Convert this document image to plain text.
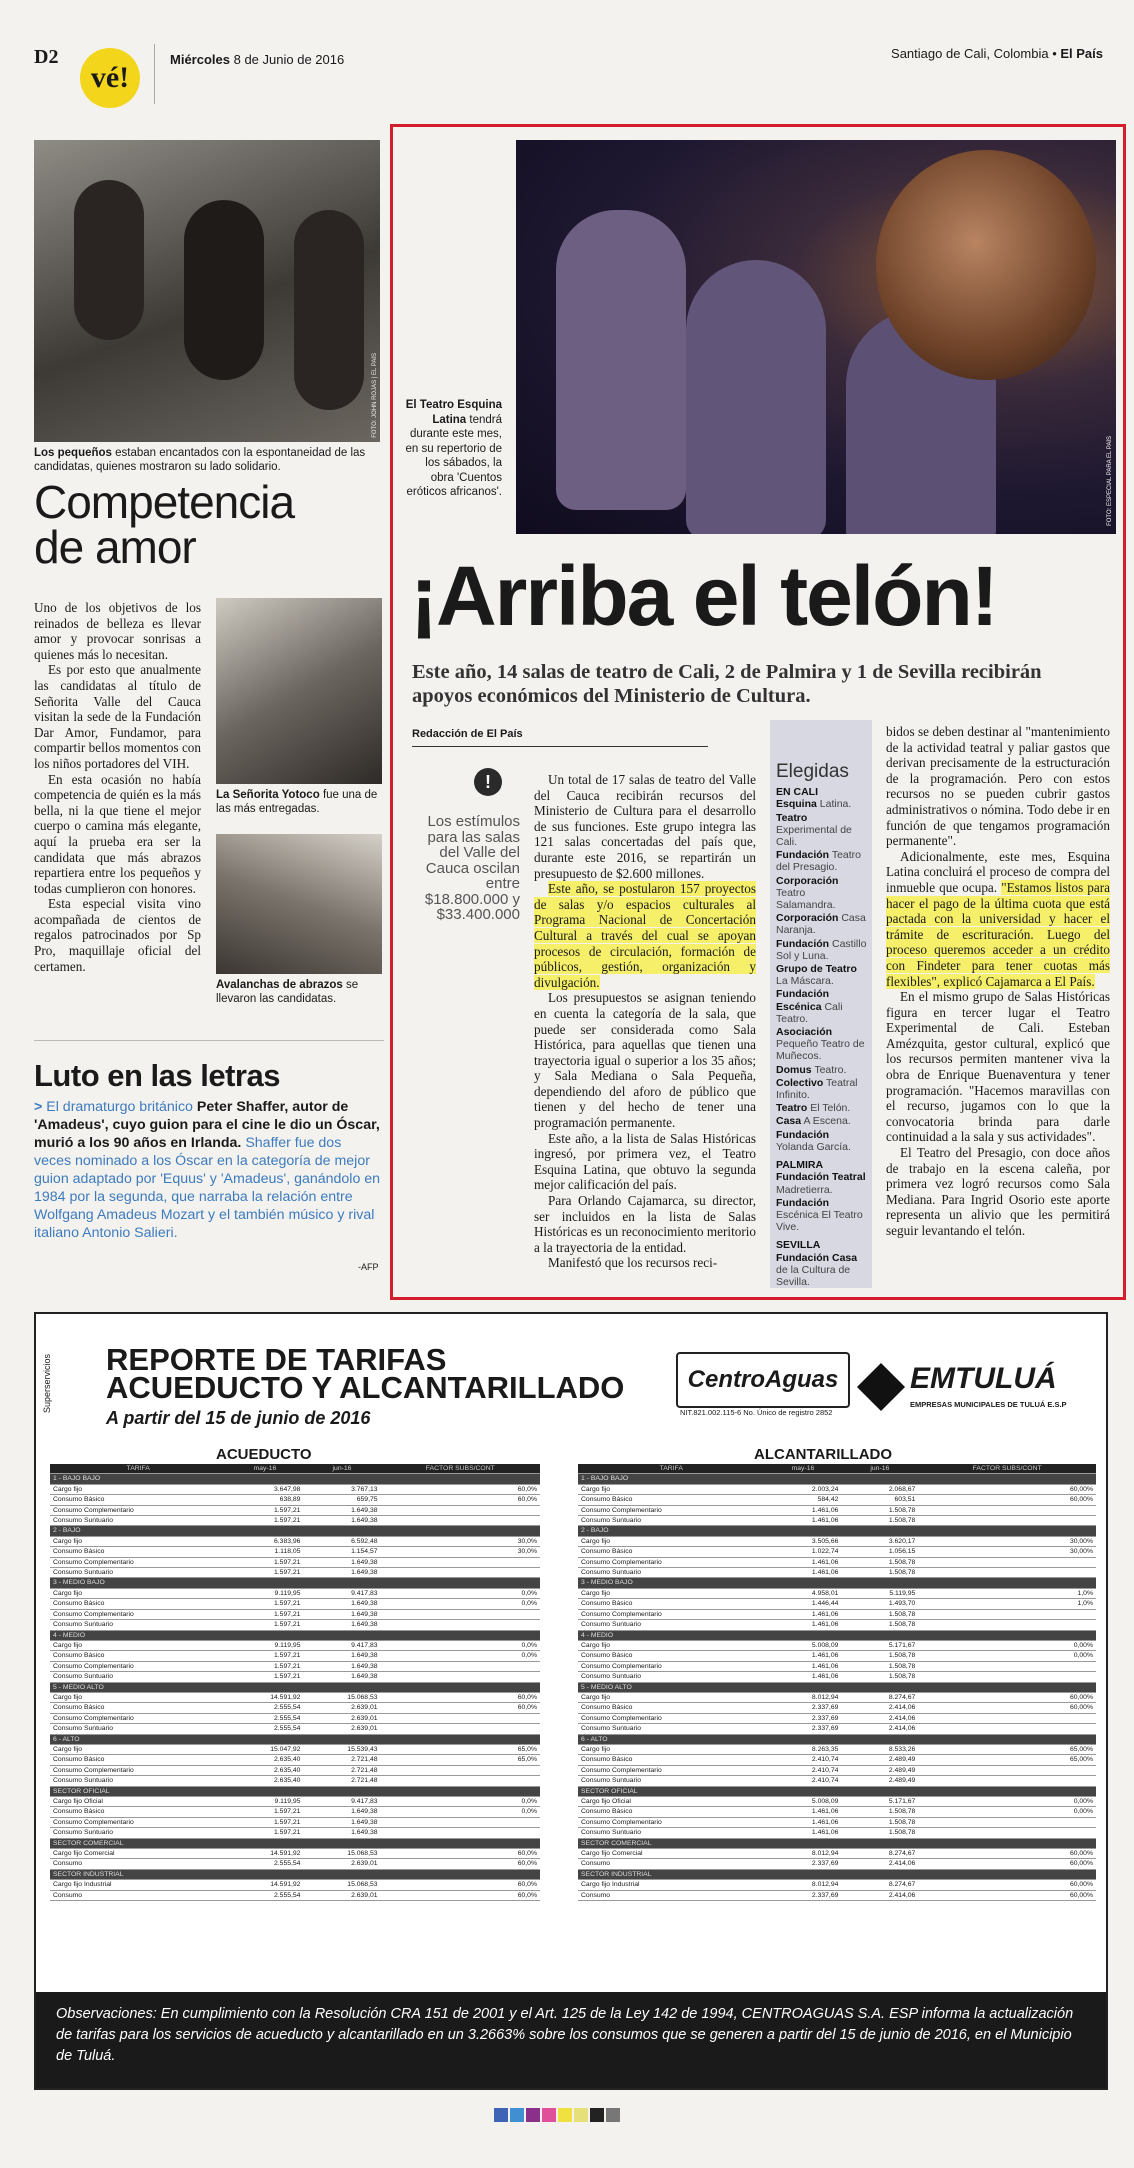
D2
vé!
Miércoles 8 de Junio de 2016	Santiago de Cali, Colombia • El País
FOTO: JOHN ROJAS | EL PAÍS
Los pequeños estaban encantados con la espontaneidad de las candidatas, quienes mostraron su lado solidario.
Competencia
de amor

Uno de los objetivos de los reinados de belleza es llevar amor y provocar sonrisas a quienes más lo necesitan.

Es por esto que anualmente las candidatas al título de Señorita Valle del Cauca visitan la sede de la Fundación Dar Amor, Fundamor, para compartir bellos momentos con los niños portadores del VIH.

En esta ocasión no había competencia de quién es la más bella, ni la que tiene el mejor cuerpo o camina más elegante, aquí la prueba era ser la candidata que más abrazos repartiera entre los pequeños y todas cumplieron con honores.

Esta especial visita vino acompañada de cientos de regalos patrocinados por Sp Pro, maquillaje oficial del certamen.

La Señorita Yotoco fue una de las más entregadas.
Avalanchas de abrazos se llevaron las candidatas.
Luto en las letras
> El dramaturgo británico Peter Shaffer, autor de 'Amadeus', cuyo guion para el cine le dio un Óscar, murió a los 90 años en Irlanda. Shaffer fue dos veces nominado a los Óscar en la categoría de mejor guion adaptado por 'Equus' y 'Amadeus', ganándolo en 1984 por la segunda, que narraba la relación entre Wolfgang Amadeus Mozart y el también músico y rival italiano Antonio Salieri.
-AFP
El Teatro Esquina Latina tendrá durante este mes, en su repertorio de los sábados, la obra 'Cuentos eróticos africanos'.	FOTO: ESPECIAL PARA EL PAÍS
¡Arriba el telón!
Este año, 14 salas de teatro de Cali, 2 de Palmira y 1 de Sevilla recibirán apoyos económicos del Ministerio de Cultura.
Redacción de El País
!
Los estímulos para las salas del Valle del Cauca oscilan entre $18.800.000 y $33.400.000

Un total de 17 salas de teatro del Valle del Cauca recibirán recursos del Ministerio de Cultura para el desarrollo de sus funciones. Este grupo integra las 121 salas concertadas del país que, durante este 2016, se repartirán un presupuesto de $2.600 millones.

Este año, se postularon 157 proyectos de salas y/o espacios culturales al Programa Nacional de Concertación Cultural a través del cual se apoyan procesos de circulación, formación de públicos, gestión, organización y divulgación.

Los presupuestos se asignan teniendo en cuenta la categoría de la sala, que puede ser considerada como Sala Histórica, para aquellas que tienen una trayectoria igual o superior a los 35 años; y Sala Mediana o Sala Pequeña, dependiendo del aforo de público que tienen y del hecho de tener una programación permanente.

Este año, a la lista de Salas Históricas ingresó, por primera vez, el Teatro Esquina Latina, que obtuvo la segunda mejor calificación del país.

Para Orlando Cajamarca, su director, ser incluidos en la lista de Salas Históricas es un reconocimiento meritorio a la trayectoria de la entidad.

Manifestó que los recursos reci-

Elegidas
EN CALI

Esquina Latina.

Teatro Experimental de Cali.

Fundación Teatro del Presagio.

Corporación Teatro Salamandra.

Corporación Casa Naranja.

Fundación Castillo Sol y Luna.

Grupo de Teatro La Máscara.

Fundación Escénica Cali Teatro.

Asociación Pequeño Teatro de Muñecos.

Domus Teatro.

Colectivo Teatral Infinito.

Teatro El Telón.

Casa A Escena.

Fundación Yolanda García.

PALMIRA

Fundación Teatral Madretierra.

Fundación Escénica El Teatro Vive.

SEVILLA

Fundación Casa de la Cultura de Sevilla.

bidos se deben destinar al "mantenimiento de la actividad teatral y paliar gastos que derivan precisamente de la estructuración de la programación. Pero con estos recursos no se pueden cubrir gastos administrativos o nómina. Todo debe ir en función de que tengamos programación permanente".

Adicionalmente, este mes, Esquina Latina concluirá el proceso de compra del inmueble que ocupa. "Estamos listos para hacer el pago de la última cuota que está pactada con la universidad y hacer el trámite de escrituración. Luego del proceso queremos acceder a un crédito con Findeter para tener cuotas más flexibles", explicó Cajamarca a El País.

En el mismo grupo de Salas Históricas figura en tercer lugar el Teatro Experimental de Cali. Esteban Amézquita, gestor cultural, explicó que los recursos permiten mantener viva la obra de Enrique Buenaventura y tener programación. "Hacemos maravillas con el recurso, jugamos con lo que la convocatoria brinda para darle continuidad a la sala y sus actividades".

El Teatro del Presagio, con doce años de trabajo en la escena caleña, por primera vez logró recursos como Sala Mediana. Para Ingrid Osorio este aporte representa un alivio que les permitirá seguir levantando el telón.

Superservicios REPORTE DE TARIFAS
ACUEDUCTO Y ALCANTARILLADO
A partir del 15 de junio de 2016
CentroAguas
NIT.821.002.115-6 No. Único de registro 2852
EMTULUÁ
EMPRESAS MUNICIPALES DE TULUÁ E.S.P
ACUEDUCTO	ALCANTARILLADO
TARIFA	may-16	jun-16	FACTOR SUBS/CONT
1 - BAJO BAJO			
Cargo fijo	3.647,98	3.767,13	60,0%
Consumo Básico	638,89	659,75	60,0%
Consumo Complementario	1.597,21	1.649,38	
Consumo Suntuario	1.597,21	1.649,38	
2 - BAJO			
Cargo fijo	6.383,96	6.592,48	30,0%
Consumo Básico	1.118,05	1.154,57	30,0%
Consumo Complementario	1.597,21	1.649,38	
Consumo Suntuario	1.597,21	1.649,38	
3 - MEDIO BAJO			
Cargo fijo	9.119,95	9.417,83	0,0%
Consumo Básico	1.597,21	1.649,38	0,0%
Consumo Complementario	1.597,21	1.649,38	
Consumo Suntuario	1.597,21	1.649,38	
4 - MEDIO			
Cargo fijo	9.119,95	9.417,83	0,0%
Consumo Básico	1.597,21	1.649,38	0,0%
Consumo Complementario	1.597,21	1.649,38	
Consumo Suntuario	1.597,21	1.649,38	
5 - MEDIO ALTO			
Cargo fijo	14.591,92	15.068,53	60,0%
Consumo Básico	2.555,54	2.639,01	60,0%
Consumo Complementario	2.555,54	2.639,01	
Consumo Suntuario	2.555,54	2.639,01	
6 - ALTO			
Cargo fijo	15.047,92	15.539,43	65,0%
Consumo Básico	2.635,40	2.721,48	65,0%
Consumo Complementario	2.635,40	2.721,48	
Consumo Suntuario	2.635,40	2.721,48	
SECTOR OFICIAL			
Cargo fijo Oficial	9.119,95	9.417,83	0,0%
Consumo Básico	1.597,21	1.649,38	0,0%
Consumo Complementario	1.597,21	1.649,38	
Consumo Suntuario	1.597,21	1.649,38	
SECTOR COMERCIAL			
Cargo fijo Comercial	14.591,92	15.068,53	60,0%
Consumo	2.555,54	2.639,01	60,0%
SECTOR INDUSTRIAL			
Cargo fijo Industrial	14.591,92	15.068,53	60,0%
Consumo	2.555,54	2.639,01	60,0%
TARIFA	may-16	jun-16	FACTOR SUBS/CONT
1 - BAJO BAJO			
Cargo fijo	2.003,24	2.068,67	60,00%
Consumo Básico	584,42	603,51	60,00%
Consumo Complementario	1.461,06	1.508,78	
Consumo Suntuario	1.461,06	1.508,78	
2 - BAJO			
Cargo fijo	3.505,66	3.620,17	30,00%
Consumo Básico	1.022,74	1.056,15	30,00%
Consumo Complementario	1.461,06	1.508,78	
Consumo Suntuario	1.461,06	1.508,78	
3 - MEDIO BAJO			
Cargo fijo	4.958,01	5.119,95	1,0%
Consumo Básico	1.446,44	1.493,70	1,0%
Consumo Complementario	1.461,06	1.508,78	
Consumo Suntuario	1.461,06	1.508,78	
4 - MEDIO			
Cargo fijo	5.008,09	5.171,67	0,00%
Consumo Básico	1.461,06	1.508,78	0,00%
Consumo Complementario	1.461,06	1.508,78	
Consumo Suntuario	1.461,06	1.508,78	
5 - MEDIO ALTO			
Cargo fijo	8.012,94	8.274,67	60,00%
Consumo Básico	2.337,69	2.414,06	60,00%
Consumo Complementario	2.337,69	2.414,06	
Consumo Suntuario	2.337,69	2.414,06	
6 - ALTO			
Cargo fijo	8.263,35	8.533,26	65,00%
Consumo Básico	2.410,74	2.489,49	65,00%
Consumo Complementario	2.410,74	2.489,49	
Consumo Suntuario	2.410,74	2.489,49	
SECTOR OFICIAL			
Cargo fijo Oficial	5.008,09	5.171,67	0,00%
Consumo Básico	1.461,06	1.508,78	0,00%
Consumo Complementario	1.461,06	1.508,78	
Consumo Suntuario	1.461,06	1.508,78	
SECTOR COMERCIAL			
Cargo fijo Comercial	8.012,94	8.274,67	60,00%
Consumo	2.337,69	2.414,06	60,00%
SECTOR INDUSTRIAL			
Cargo fijo Industrial	8.012,94	8.274,67	60,00%
Consumo	2.337,69	2.414,06	60,00%
Observaciones: En cumplimiento con la Resolución CRA 151 de 2001 y el Art. 125 de la Ley 142 de 1994, CENTROAGUAS S.A. ESP informa la actualización de tarifas para los servicios de acueducto y alcantarillado en un 3.2663% sobre los consumos que se generen a partir del 15 de junio de 2016, en el Municipio de Tuluá.
